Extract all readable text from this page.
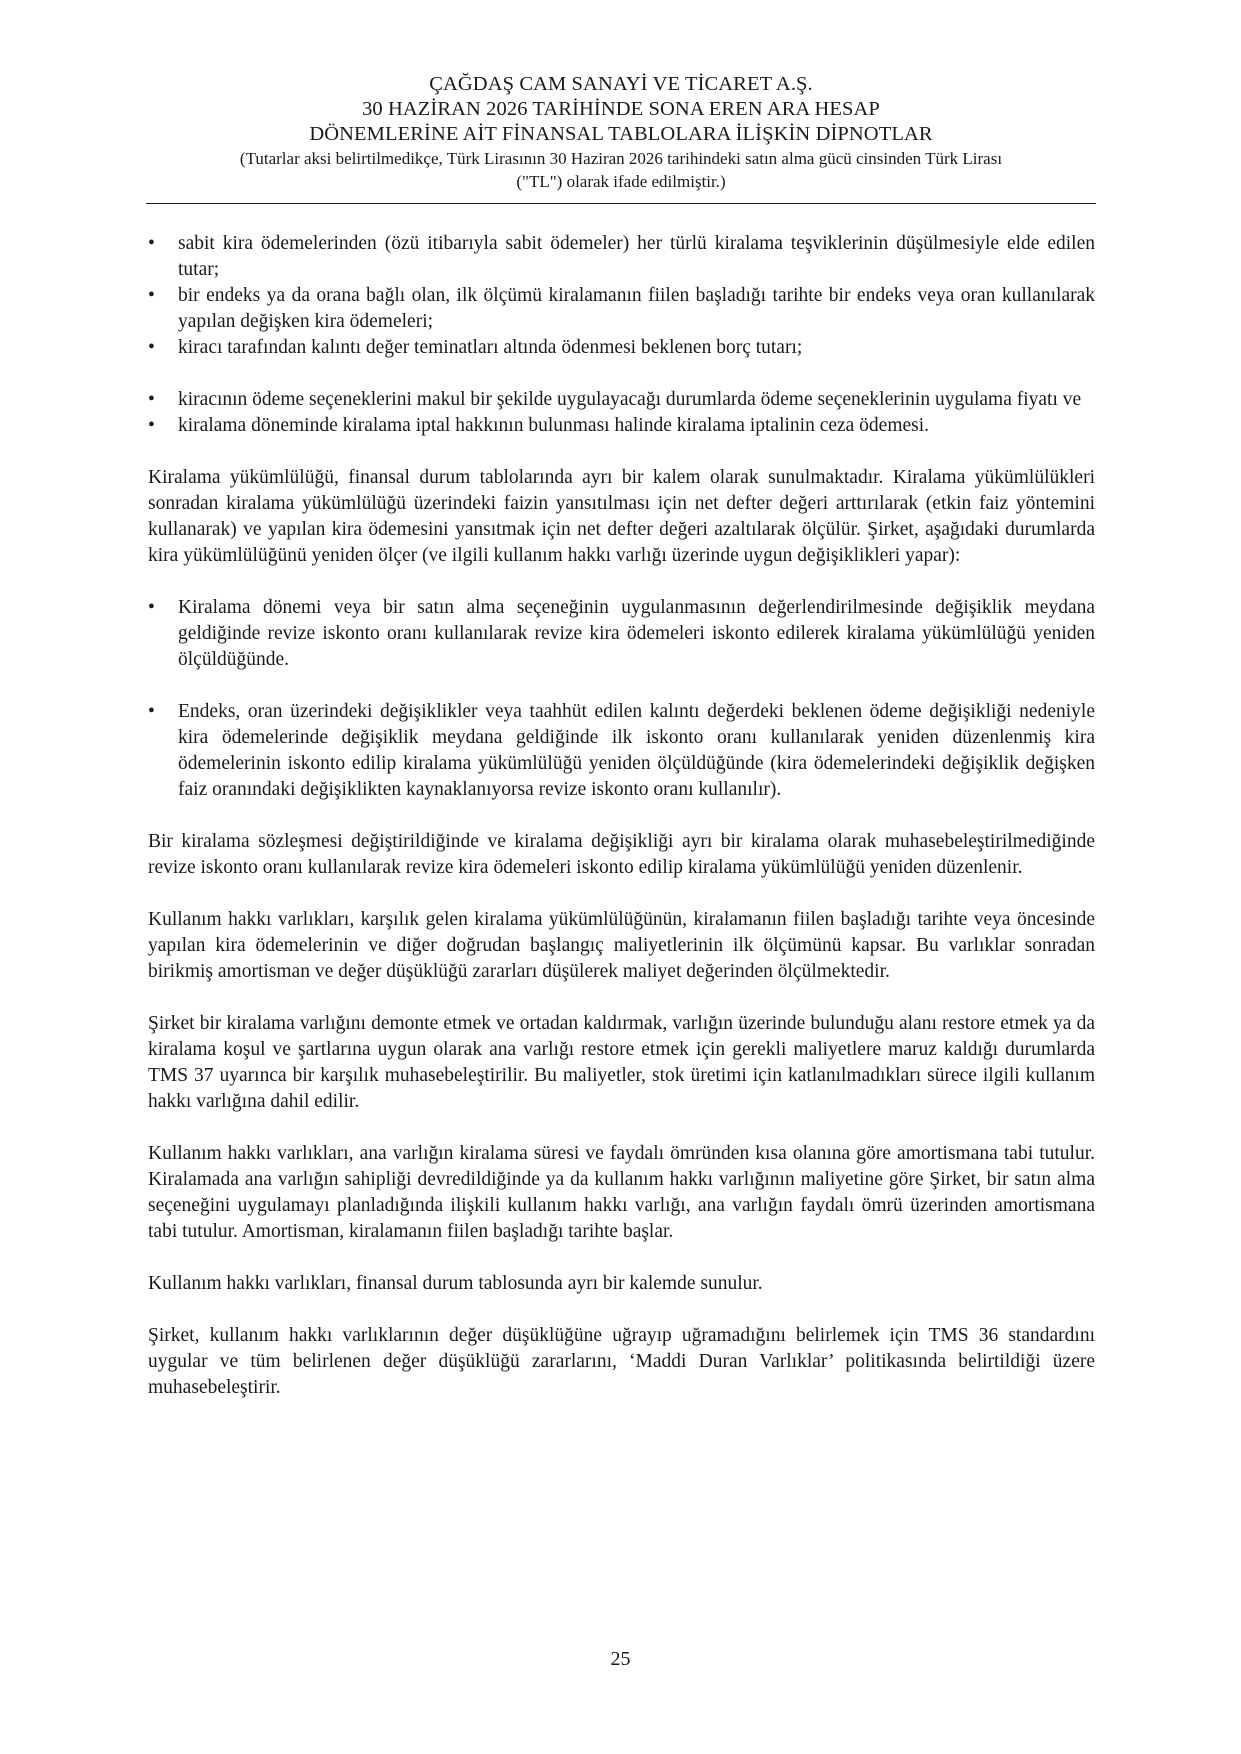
ÇAĞDAŞ CAM SANAYİ VE TİCARET A.Ş.
30 HAZİRAN 2026 TARİHİNDE SONA EREN ARA HESAP
DÖNEMLERİNE AİT FİNANSAL TABLOLARA İLİŞKİN DİPNOTLAR
(Tutarlar aksi belirtilmedikçe, Türk Lirasının 30 Haziran 2026 tarihindeki satın alma gücü cinsinden Türk Lirası
("TL") olarak ifade edilmiştir.)
• sabit kira ödemelerinden (özü itibarıyla sabit ödemeler) her türlü kiralama teşviklerinin düşülmesiyle elde edilen tutar;
• bir endeks ya da orana bağlı olan, ilk ölçümü kiralamanın fiilen başladığı tarihte bir endeks veya oran kullanılarak yapılan değişken kira ödemeleri;
• kiracı tarafından kalıntı değer teminatları altında ödenmesi beklenen borç tutarı;
• kiracının ödeme seçeneklerini makul bir şekilde uygulayacağı durumlarda ödeme seçeneklerinin uygulama fiyatı ve
• kiralama döneminde kiralama iptal hakkının bulunması halinde kiralama iptalinin ceza ödemesi.

Kiralama yükümlülüğü, finansal durum tablolarında ayrı bir kalem olarak sunulmaktadır. Kiralama yükümlülükleri sonradan kiralama yükümlülüğü üzerindeki faizin yansıtılması için net defter değeri arttırılarak (etkin faiz yöntemini kullanarak) ve yapılan kira ödemesini yansıtmak için net defter değeri azaltılarak ölçülür. Şirket, aşağıdaki durumlarda kira yükümlülüğünü yeniden ölçer (ve ilgili kullanım hakkı varlığı üzerinde uygun değişiklikleri yapar):

• Kiralama dönemi veya bir satın alma seçeneğinin uygulanmasının değerlendirilmesinde değişiklik meydana geldiğinde revize iskonto oranı kullanılarak revize kira ödemeleri iskonto edilerek kiralama yükümlülüğü yeniden ölçüldüğünde.
• Endeks, oran üzerindeki değişiklikler veya taahhüt edilen kalıntı değerdeki beklenen ödeme değişikliği nedeniyle kira ödemelerinde değişiklik meydana geldiğinde ilk iskonto oranı kullanılarak yeniden düzenlenmiş kira ödemelerinin iskonto edilip kiralama yükümlülüğü yeniden ölçüldüğünde (kira ödemelerindeki değişiklik değişken faiz oranındaki değişiklikten kaynaklanıyorsa revize iskonto oranı kullanılır).

Bir kiralama sözleşmesi değiştirildiğinde ve kiralama değişikliği ayrı bir kiralama olarak muhasebeleştirilmediğinde revize iskonto oranı kullanılarak revize kira ödemeleri iskonto edilip kiralama yükümlülüğü yeniden düzenlenir.

Kullanım hakkı varlıkları, karşılık gelen kiralama yükümlülüğünün, kiralamanın fiilen başladığı tarihte veya öncesinde yapılan kira ödemelerinin ve diğer doğrudan başlangıç maliyetlerinin ilk ölçümünü kapsar. Bu varlıklar sonradan birikmiş amortisman ve değer düşüklüğü zararları düşülerek maliyet değerinden ölçülmektedir.

Şirket bir kiralama varlığını demonte etmek ve ortadan kaldırmak, varlığın üzerinde bulunduğu alanı restore etmek ya da kiralama koşul ve şartlarına uygun olarak ana varlığı restore etmek için gerekli maliyetlere maruz kaldığı durumlarda TMS 37 uyarınca bir karşılık muhasebeleştirilir. Bu maliyetler, stok üretimi için katlanılmadıkları sürece ilgili kullanım hakkı varlığına dahil edilir.

Kullanım hakkı varlıkları, ana varlığın kiralama süresi ve faydalı ömründen kısa olanına göre amortismana tabi tutulur. Kiralamada ana varlığın sahipliği devredildiğinde ya da kullanım hakkı varlığının maliyetine göre Şirket, bir satın alma seçeneğini uygulamayı planladığında ilişkili kullanım hakkı varlığı, ana varlığın faydalı ömrü üzerinden amortismana tabi tutulur. Amortisman, kiralamanın fiilen başladığı tarihte başlar.

Kullanım hakkı varlıkları, finansal durum tablosunda ayrı bir kalemde sunulur.

Şirket, kullanım hakkı varlıklarının değer düşüklüğüne uğrayıp uğramadığını belirlemek için TMS 36 standardını uygular ve tüm belirlenen değer düşüklüğü zararlarını, ‘Maddi Duran Varlıklar’ politikasında belirtildiği üzere muhasebeleştirir.

25
